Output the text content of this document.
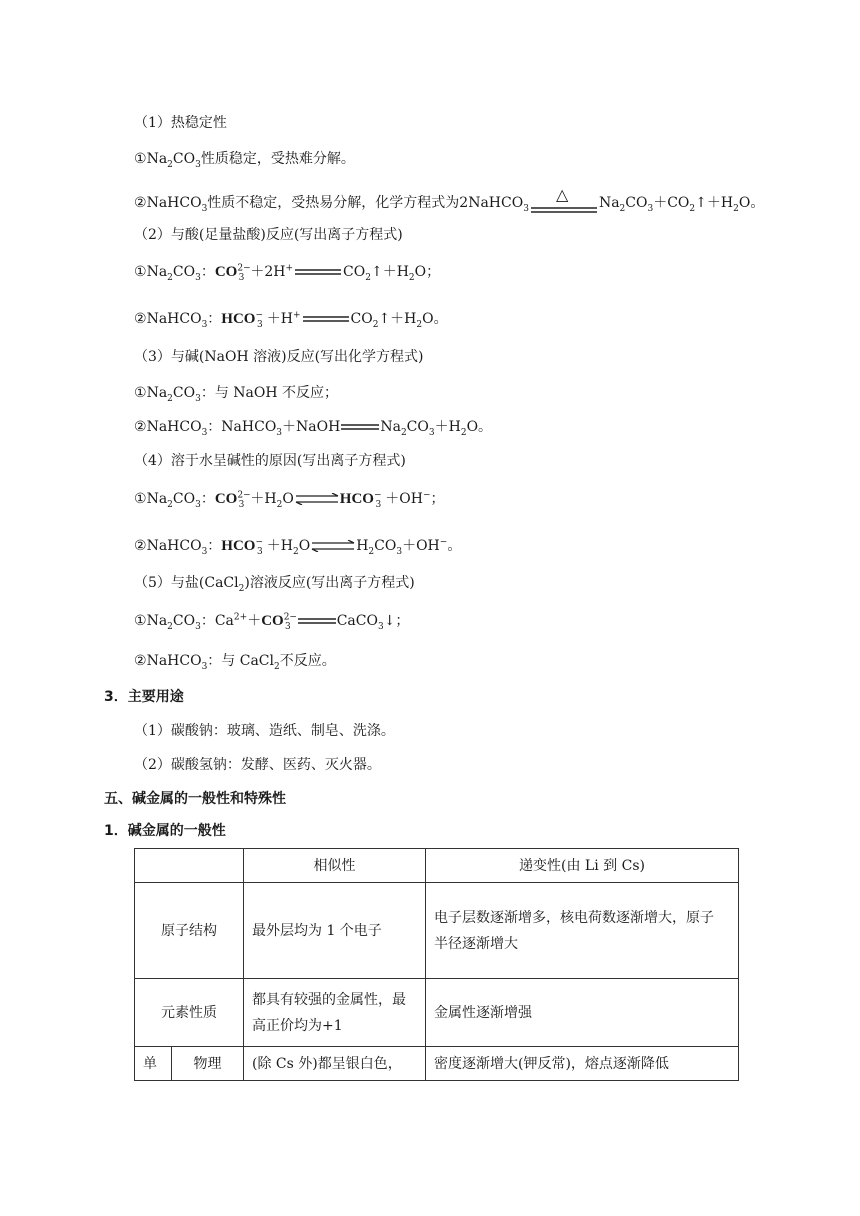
（1）热稳定性
$①Na_2CO_3$性质稳定，受热难分解。
②NaHCO$_3$性质不稳定，受热易分解，化学方程式为2NaHCO$_3$
△ $Na_2CO_3+CO_2↑+H_2O$。
（2）与酸(足量盐酸)反应(写出离子方程式)
$①Na_2CO_3$：$CO^{2-}_3 +2H^+$	$CO_2↑+H_2O$；
②NaHCO$_3$：$HCO^-_3 +H^+$	$CO_2↑+H_2O$。
（3）与碱(NaOH 溶液)反应(写出化学方程式)
$①Na_2CO_3$：与 NaOH 不反应；
②NaHCO$_3$：NaHCO$_3$＋NaOH	$Na_2CO_3+H_2O$。
（4）溶于水呈碱性的原因(写出离子方程式)
$①Na_2CO_3$：$CO^{2-}_3$ $+H_2O\rightleftharpoons HCO^-_3 +OH^-$；
②NaHCO$_3$：$HCO^-_3$ $+H_2O\rightleftharpoons H_2CO_3+OH^-$。
（5）与盐(CaCl$_2$)溶液反应(写出离子方程式)
$①Na_2CO_3$：$Ca^{2+}+CO^{2-}_3$	CaCO$_3$↓；
②NaHCO$_3$：与 CaCl$_2$不反应。
3．主要用途
（1）碳酸钠：玻璃、造纸、制皂、洗涤。
（2）碳酸氢钠：发酵、医药、灭火器。
五、碱金属的一般性和特殊性
1．碱金属的一般性
		相似性	递变性(由 Li 到 Cs)
原子结构		最外层均为 1 个电子	电子层数逐渐增多，核电荷数逐渐增大，原子
半径逐渐增大

元素性质		都具有较强的金属性，最
高正价均为+1	金属性逐渐增强
单	物理	(除 Cs 外)都呈银白色，	密度逐渐增大(钾反常)，熔点逐渐降低
